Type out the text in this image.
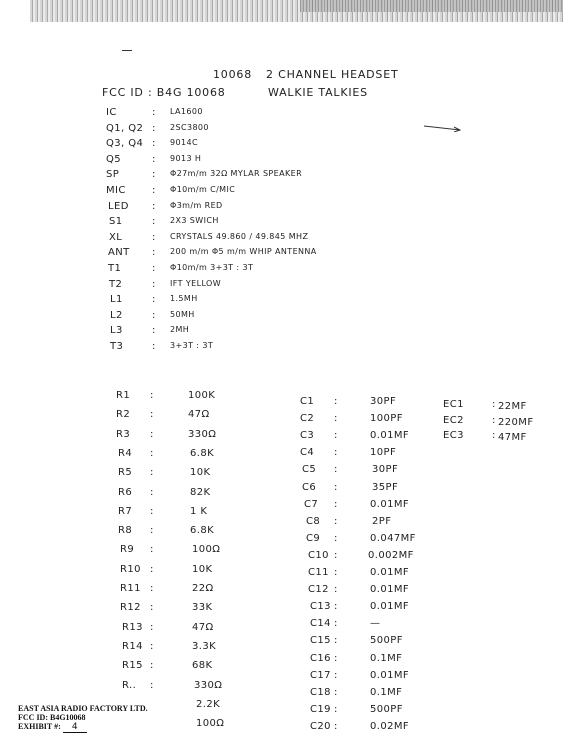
10068 2 CHANNEL HEADSET
FCC ID : B4G 10068	WALKIE TALKIES
IC	: LA1600
Q1, Q2 : 2SC3800
Q3, Q4 : 9014C
Q5	: 9013 H
SP	: Φ27m/m 32Ω MYLAR SPEAKER
MIC	: Φ10m/m C/MIC
LED : Φ3m/m RED
S1	: 2X3 SWICH
XL	: CRYSTALS 49.860 / 49.845 MHZ
ANT : 200 m/m Φ5 m/m WHIP ANTENNA
T1	: Φ10m/m 3+3T : 3T
T2	: IFT YELLOW
L1	: 1.5MH
L2	: 50MH
L3	: 2MH
T3	: 3+3T : 3T
R1 :	100K
R2 :	47Ω
R3 :	330Ω
R4 :	6.8K
R5 :	10K
R6 :	82K
R7 :	1 K
R8 :	6.8K
R9 :	100Ω
R10 :	10K
R11 :	22Ω
R12 :	33K
R13 :	47Ω
R14 :	3.3K
R15 :	68K
R.. :	330Ω
2.2K
100Ω
C1 :	30PF
C2 :	100PF
C3 :	0.01MF
C4 :	10PF
C5 :	30PF
C6 :	35PF
C7 :	0.01MF
C8 :	2PF
C9 :	0.047MF
C10 :	0.002MF
C11 :	0.01MF
C12 :	0.01MF
C13 :	0.01MF
C14 :	—
C15 :	500PF
C16 :	0.1MF
C17 :	0.01MF
C18 :	0.1MF
C19 :	500PF
C20 :	0.02MF
EC1	: 22MF
EC2	: 220MF
EC3	: 47MF
EAST ASIA RADIO FACTORY LTD.
FCC ID: B4G10068
EXHIBIT #: 4
